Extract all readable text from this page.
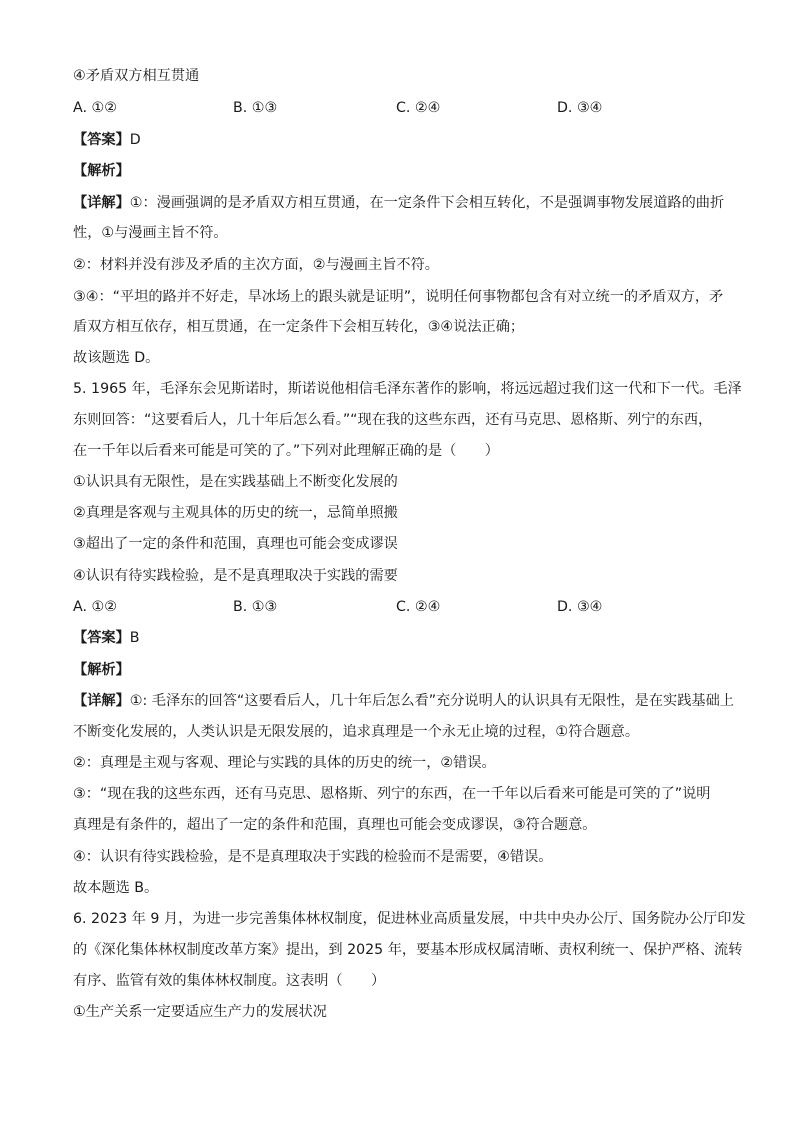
④矛盾双方相互贯通
A. ①②	B. ①③	C. ②④	D. ③④
【答案】D
【解析】
【详解】①：漫画强调的是矛盾双方相互贯通，在一定条件下会相互转化，不是强调事物发展道路的曲折
性，①与漫画主旨不符。
②：材料并没有涉及矛盾的主次方面，②与漫画主旨不符。
③④：“平坦的路并不好走，旱冰场上的跟头就是证明”，说明任何事物都包含有对立统一的矛盾双方，矛
盾双方相互依存，相互贯通，在一定条件下会相互转化，③④说法正确；
故该题选 D。
5. 1965 年，毛泽东会见斯诺时，斯诺说他相信毛泽东著作的影响，将远远超过我们这一代和下一代。毛泽
东则回答：“这要看后人，几十年后怎么看。”“现在我的这些东西，还有马克思、恩格斯、列宁的东西，
在一千年以后看来可能是可笑的了。”下列对此理解正确的是（　　）
①认识具有无限性，是在实践基础上不断变化发展的
②真理是客观与主观具体的历史的统一，忌简单照搬
③超出了一定的条件和范围，真理也可能会变成谬误
④认识有待实践检验，是不是真理取决于实践的需要
A. ①②	B. ①③	C. ②④	D. ③④
【答案】B
【解析】
【详解】①: 毛泽东的回答“这要看后人，几十年后怎么看”充分说明人的认识具有无限性，是在实践基础上
不断变化发展的，人类认识是无限发展的，追求真理是一个永无止境的过程，①符合题意。
②：真理是主观与客观、理论与实践的具体的历史的统一，②错误。
③：“现在我的这些东西，还有马克思、恩格斯、列宁的东西，在一千年以后看来可能是可笑的了”说明
真理是有条件的，超出了一定的条件和范围，真理也可能会变成谬误，③符合题意。
④：认识有待实践检验，是不是真理取决于实践的检验而不是需要，④错误。
故本题选 B。
6. 2023 年 9 月，为进一步完善集体林权制度，促进林业高质量发展，中共中央办公厅、国务院办公厅印发
的《深化集体林权制度改革方案》提出，到 2025 年，要基本形成权属清晰、责权利统一、保护严格、流转
有序、监管有效的集体林权制度。这表明（　　）
①生产关系一定要适应生产力的发展状况
